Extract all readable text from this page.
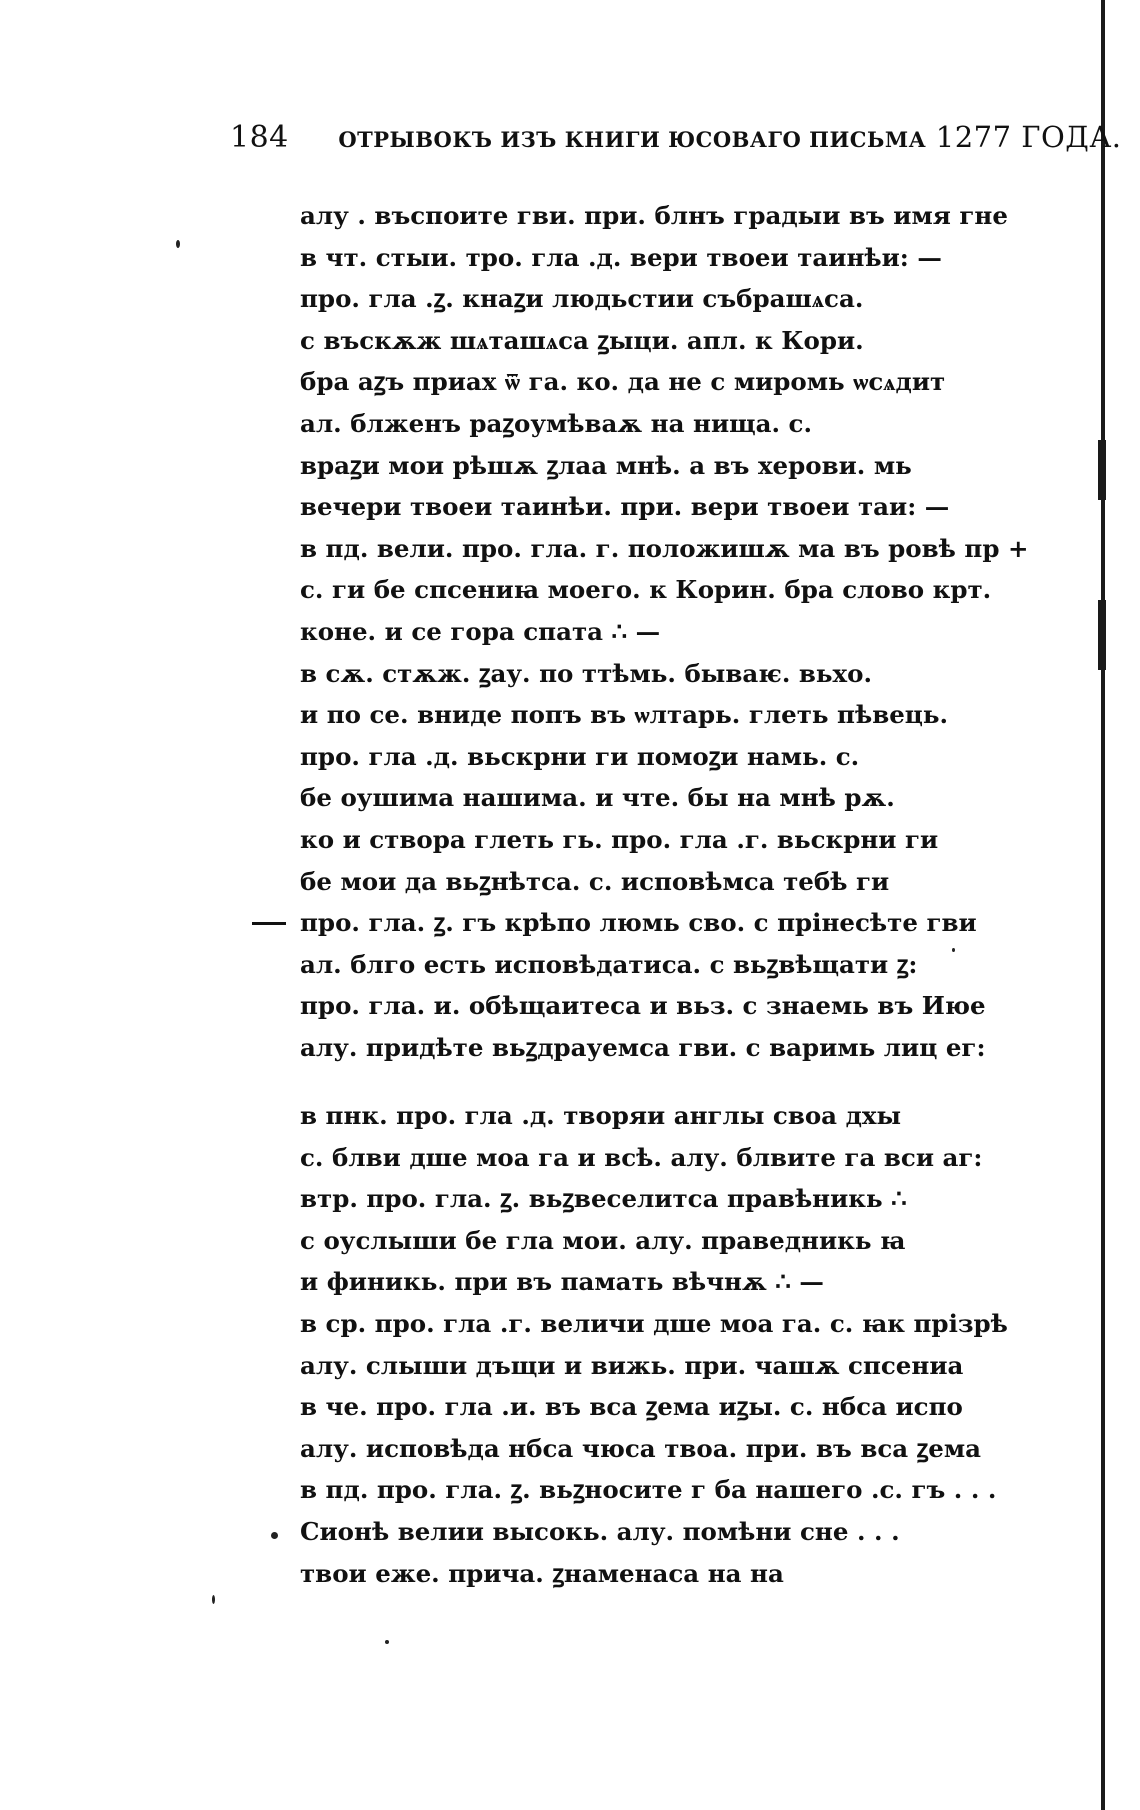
184 ОТРЫВОКЪ ИЗЪ КНИГИ ЮСОВАГО ПИСЬМА 1277 ГОДА.
алу . въспоите гви. при. блнъ градыи въ имя гне
в чт. стыи. тро. гла .д. вери твоеи таинѣи: —
про. гла .ꙁ. кнаꙁи людьстии събрашѧса.
с въскѫж шѧташѧса ꙁыци. апл. к Кори.
бра аꙁъ приах ѿ га. ко. да не с миромь ѡсѧдит
ал. блженъ раꙁоумѣваѫ на нища. с.
враꙁи мои рѣшѫ ꙁлаа мнѣ. а въ херови. мь
вечери твоеи таинѣи. при. вери твоеи таи: —
в пд. вели. про. гла. г. положишѫ ма въ ровѣ пр +
с. ги бе спсениꙗ моего. к Корин. бра слово крт.
коне. и се гора спата ∴ —
в сѫ. стѫж. ꙁау. по ттѣмь. бываѥ. вьхо.
и по се. вниде попъ въ ѡлтарь. глеть пѣвець.
про. гла .д. вьскрни ги помоꙁи намь. с.
бе оушима нашима. и чте. бы на мнѣ рѫ.
ко и створа глеть гь. про. гла .г. вьскрни ги
бе мои да вьꙁнѣтса. с. исповѣмса тебѣ ги
про. гла. ꙁ. гъ крѣпо люмь сво. с прінесѣте гви
ал. блго есть исповѣдатиса. с вьꙁвѣщати ꙁ:
про. гла. и. обѣщаитеса и вьз. с знаемь въ Июе
алу. придѣте вьꙁдрауемса гви. с варимь лиц ег:
в пнк. про. гла .д. творяи англы своа дхы
с. блви дше моа га и всѣ. алу. блвите га вси аг:
втр. про. гла. ꙁ. вьꙁвеселитса правѣникь ∴
с оуслыши бе гла мои. алу. праведникь ꙗ
и финикь. при въ памать вѣчнѫ ∴ —
в ср. про. гла .г. величи дше моа га. с. ꙗк прізрѣ
алу. слыши дъщи и вижь. при. чашѫ спсениа
в че. про. гла .и. въ вса ꙁема иꙁы. с. нбса испо
алу. исповѣда нбса чюса твоа. при. въ вса ꙁема
в пд. про. гла. ꙁ. вьꙁносите г ба нашего .с. гъ . . .
Сиoнѣ велии высокь. алу. помѣни сне . . .
твои еже. прича. ꙁнаменаса на на
